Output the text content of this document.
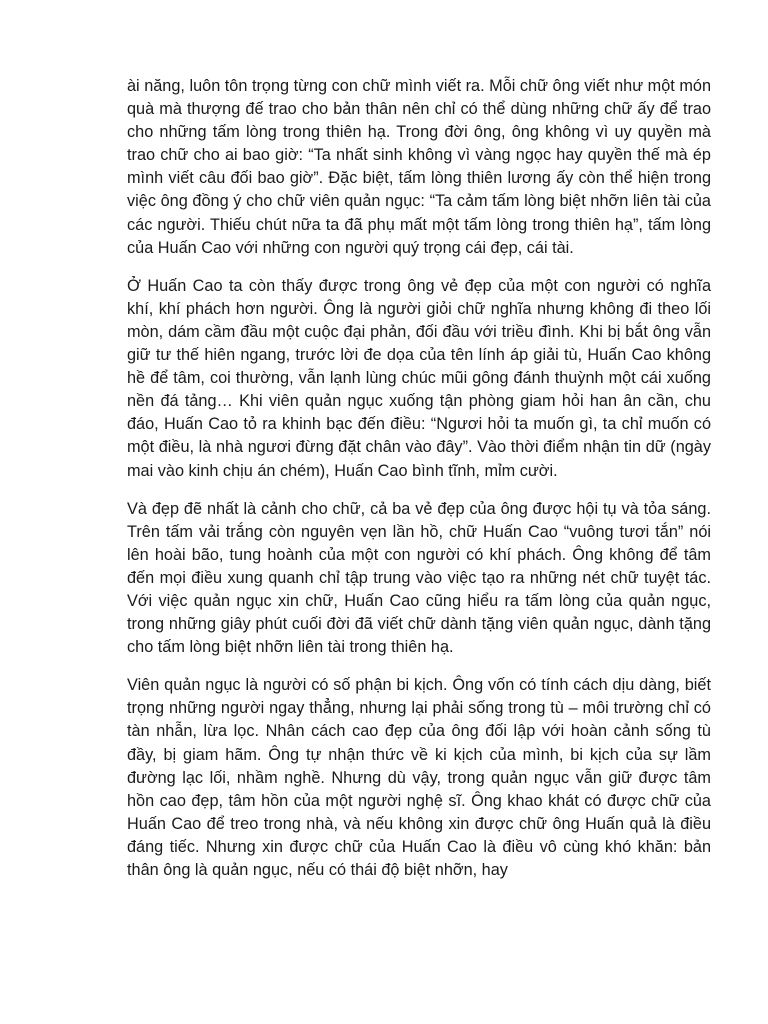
ài năng, luôn tôn trọng từng con chữ mình viết ra. Mỗi chữ ông viết như một món quà mà thượng đế trao cho bản thân nên chỉ có thể dùng những chữ ấy để trao cho những tấm lòng trong thiên hạ. Trong đời ông, ông không vì uy quyền mà trao chữ cho ai bao giờ: “Ta nhất sinh không vì vàng ngọc hay quyền thế mà ép mình viết câu đối bao giờ”. Đặc biệt, tấm lòng thiên lương ấy còn thể hiện trong việc ông đồng ý cho chữ viên quản ngục: “Ta cảm tấm lòng biệt nhỡn liên tài của các người. Thiếu chút nữa ta đã phụ mất một tấm lòng trong thiên hạ”, tấm lòng của Huấn Cao với những con người quý trọng cái đẹp, cái tài.

Ở Huấn Cao ta còn thấy được trong ông vẻ đẹp của một con người có nghĩa khí, khí phách hơn người. Ông là người giỏi chữ nghĩa nhưng không đi theo lối mòn, dám cầm đầu một cuộc đại phản, đối đầu với triều đình. Khi bị bắt ông vẫn giữ tư thế hiên ngang, trước lời đe dọa của tên lính áp giải tù, Huấn Cao không hề để tâm, coi thường, vẫn lạnh lùng chúc mũi gông đánh thuỳnh một cái xuống nền đá tảng… Khi viên quản ngục xuống tận phòng giam hỏi han ân cần, chu đáo, Huấn Cao tỏ ra khinh bạc đến điều: “Ngươi hỏi ta muốn gì, ta chỉ muốn có một điều, là nhà ngươi đừng đặt chân vào đây”. Vào thời điểm nhận tin dữ (ngày mai vào kinh chịu án chém), Huấn Cao bình tĩnh, mỉm cười.

Và đẹp đẽ nhất là cảnh cho chữ, cả ba vẻ đẹp của ông được hội tụ và tỏa sáng. Trên tấm vải trắng còn nguyên vẹn lần hồ, chữ Huấn Cao “vuông tươi tắn” nói lên hoài bão, tung hoành của một con người có khí phách. Ông không để tâm đến mọi điều xung quanh chỉ tập trung vào việc tạo ra những nét chữ tuyệt tác. Với việc quản ngục xin chữ, Huấn Cao cũng hiểu ra tấm lòng của quản ngục, trong những giây phút cuối đời đã viết chữ dành tặng viên quản ngục, dành tặng cho tấm lòng biệt nhỡn liên tài trong thiên hạ.

Viên quản ngục là người có số phận bi kịch. Ông vốn có tính cách dịu dàng, biết trọng những người ngay thẳng, nhưng lại phải sống trong tù – môi trường chỉ có tàn nhẫn, lừa lọc. Nhân cách cao đẹp của ông đối lập với hoàn cảnh sống tù đầy, bị giam hãm. Ông tự nhận thức về ki kịch của mình, bi kịch của sự lầm đường lạc lối, nhầm nghề. Nhưng dù vậy, trong quản ngục vẫn giữ được tâm hồn cao đẹp, tâm hồn của một người nghệ sĩ. Ông khao khát có được chữ của Huấn Cao để treo trong nhà, và nếu không xin được chữ ông Huấn quả là điều đáng tiếc. Nhưng xin được chữ của Huấn Cao là điều vô cùng khó khăn: bản thân ông là quản ngục, nếu có thái độ biệt nhỡn, hay
